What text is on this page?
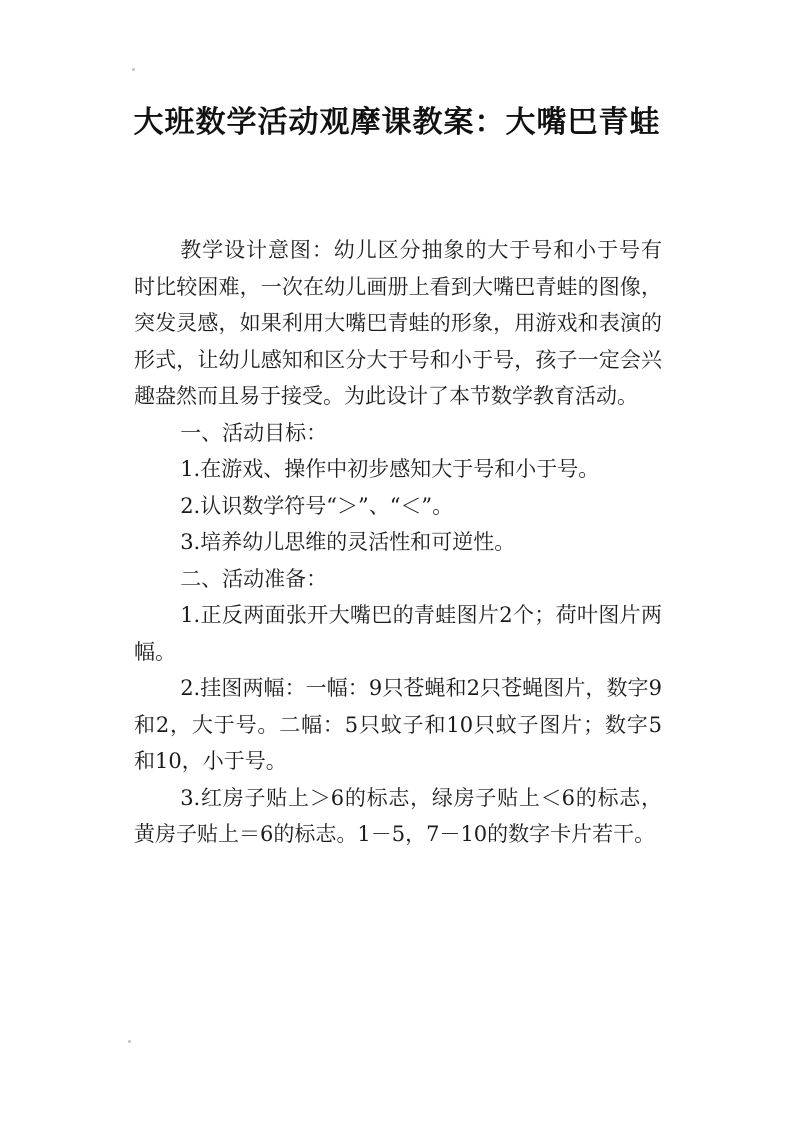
大班数学活动观摩课教案：大嘴巴青蛙

教学设计意图：幼儿区分抽象的大于号和小于号有时比较困难，一次在幼儿画册上看到大嘴巴青蛙的图像，突发灵感，如果利用大嘴巴青蛙的形象，用游戏和表演的形式，让幼儿感知和区分大于号和小于号，孩子一定会兴趣盎然而且易于接受。为此设计了本节数学教育活动。

一、活动目标：

1.在游戏、操作中初步感知大于号和小于号。

2.认识数学符号“＞”、“＜”。

3.培养幼儿思维的灵活性和可逆性。

二、活动准备：

1.正反两面张开大嘴巴的青蛙图片2个；荷叶图片两幅。

2.挂图两幅：一幅：9只苍蝇和2只苍蝇图片，数字9和2，大于号。二幅：5只蚊子和10只蚊子图片；数字5和10，小于号。

3.红房子贴上＞6的标志，绿房子贴上＜6的标志，黄房子贴上＝6的标志。1－5，7－10的数字卡片若干。
